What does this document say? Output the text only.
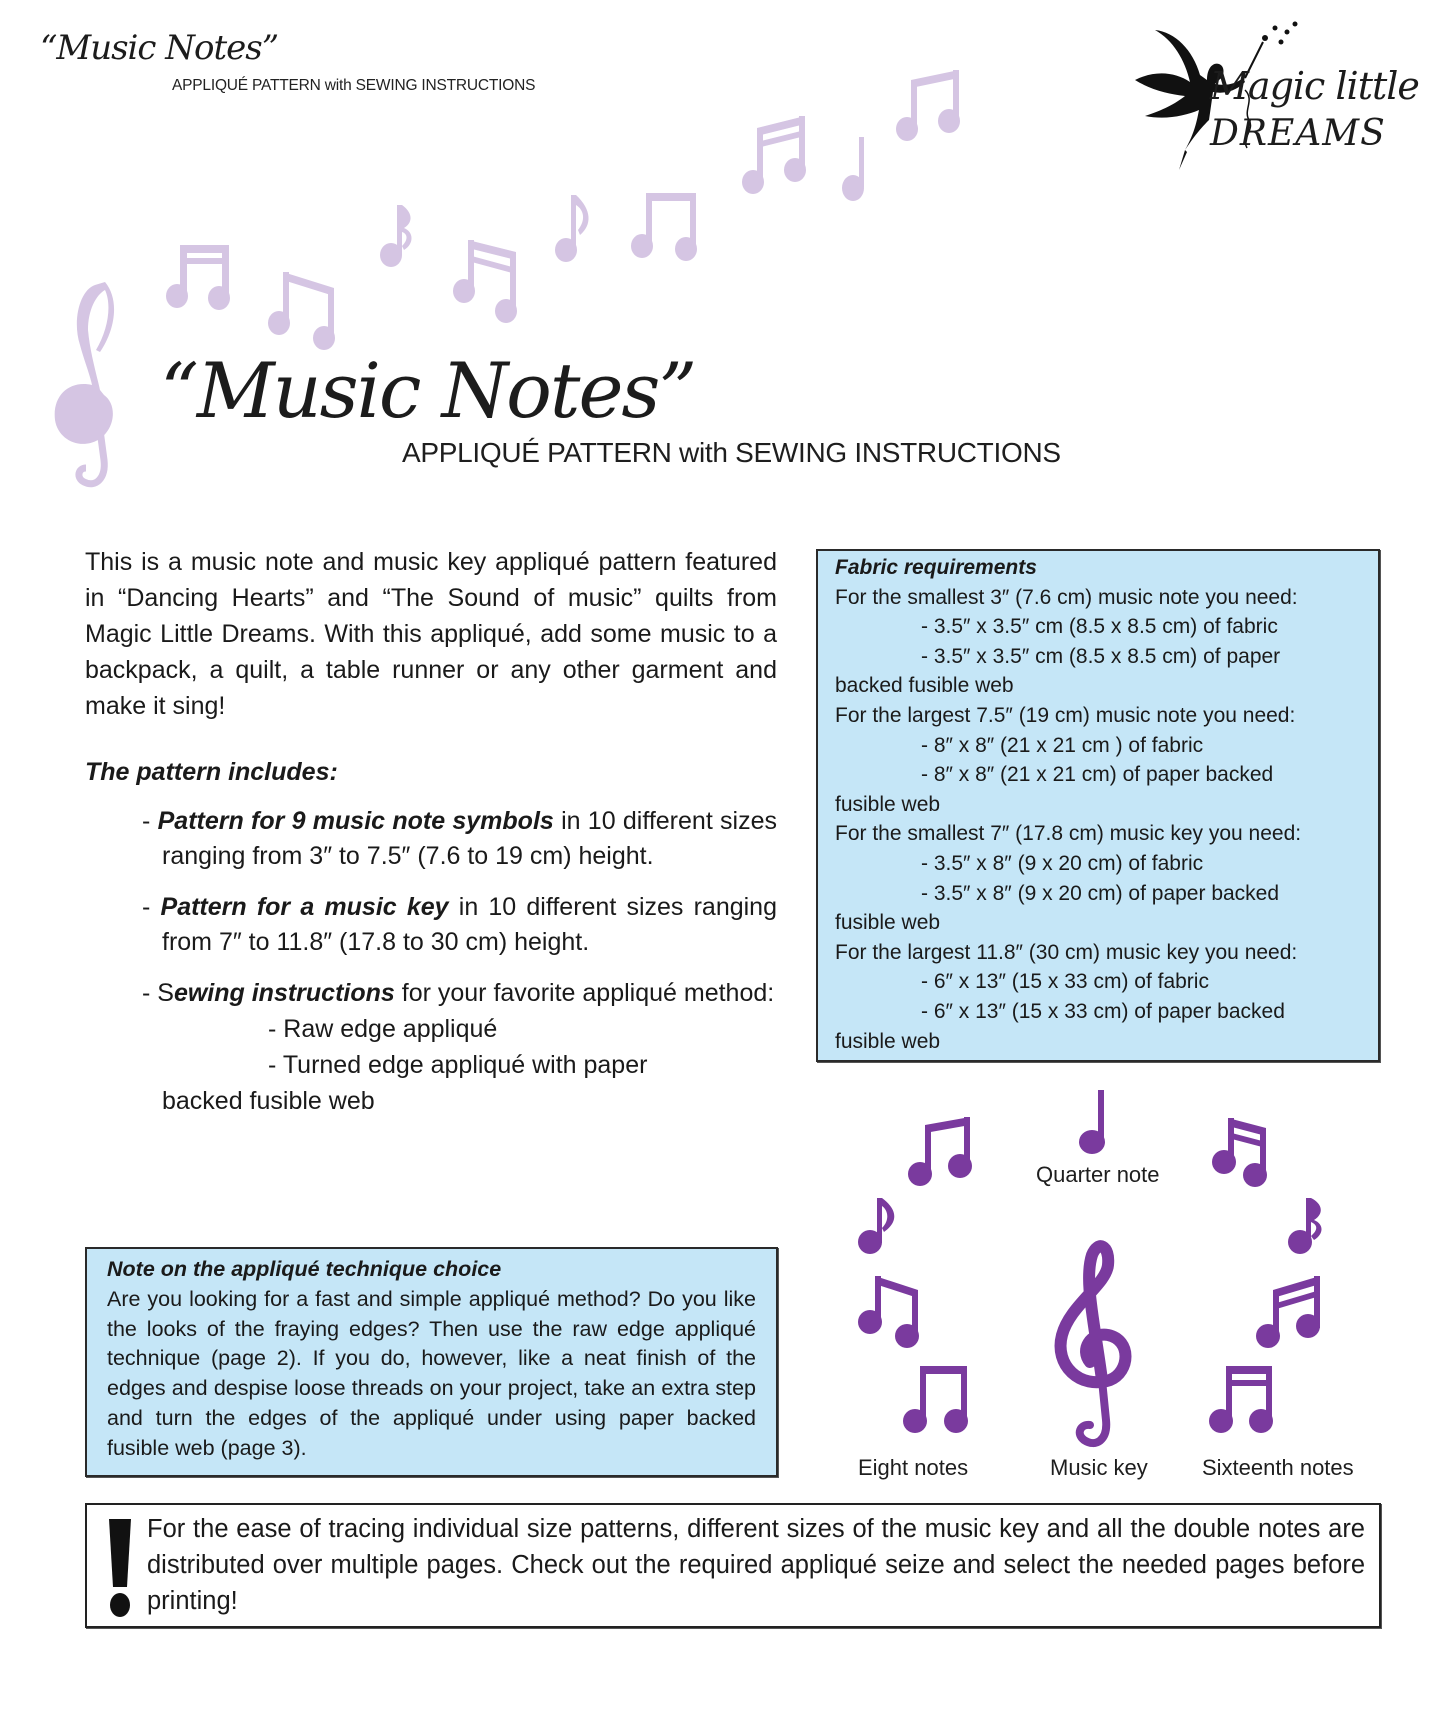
“Music Notes”
APPLIQUÉ PATTERN with SEWING INSTRUCTIONS	Magic little
DREAMS
“Music Notes”
APPLIQUÉ PATTERN with SEWING INSTRUCTIONS

This is a music note and music key appliqué pattern featured in “Dancing Hearts” and “The Sound of music” quilts from Magic Little Dreams. With this appliqué, add some music to a backpack, a quilt, a table runner or any other garment and make it sing!

The pattern includes:
- Pattern for 9 music note symbols in 10 different sizes ranging from 3″ to 7.5″ (7.6 to 19 cm) height.
- Pattern for a music key in 10 different sizes ranging from 7″ to 11.8″ (17.8 to 30 cm) height.
- Sewing instructions for your favorite appliqué method:
- Raw edge appliqué
- Turned edge appliqué with paper
backed fusible web
Fabric requirements
For the smallest 3″ (7.6 cm) music note you need:
- 3.5″ x 3.5″ cm (8.5 x 8.5 cm) of fabric
- 3.5″ x 3.5″ cm (8.5 x 8.5 cm) of paper
backed fusible web
For the largest 7.5″ (19 cm) music note you need:
- 8″ x 8″ (21 x 21 cm ) of fabric
- 8″ x 8″ (21 x 21 cm) of paper backed
fusible web
For the smallest 7″ (17.8 cm) music key you need:
- 3.5″ x 8″ (9 x 20 cm) of fabric
- 3.5″ x 8″ (9 x 20 cm) of paper backed
fusible web
For the largest 11.8″ (30 cm) music key you need:
- 6″ x 13″ (15 x 33 cm) of fabric
- 6″ x 13″ (15 x 33 cm) of paper backed
fusible web
Note on the appliqué technique choice
Are you looking for a fast and simple appliqué method? Do you like the looks of the fraying edges? Then use the raw edge appliqué technique (page 2). If you do, however, like a neat finish of the edges and despise loose threads on your project, take an extra step and turn the edges of the appliqué under using paper backed fusible web (page 3).
Quarter note
Eight notes	Music key Sixteenth notes
For the ease of tracing individual size patterns, different sizes of the music key and all the double notes are distributed over multiple pages. Check out the required appliqué seize and select the needed pages before printing!
